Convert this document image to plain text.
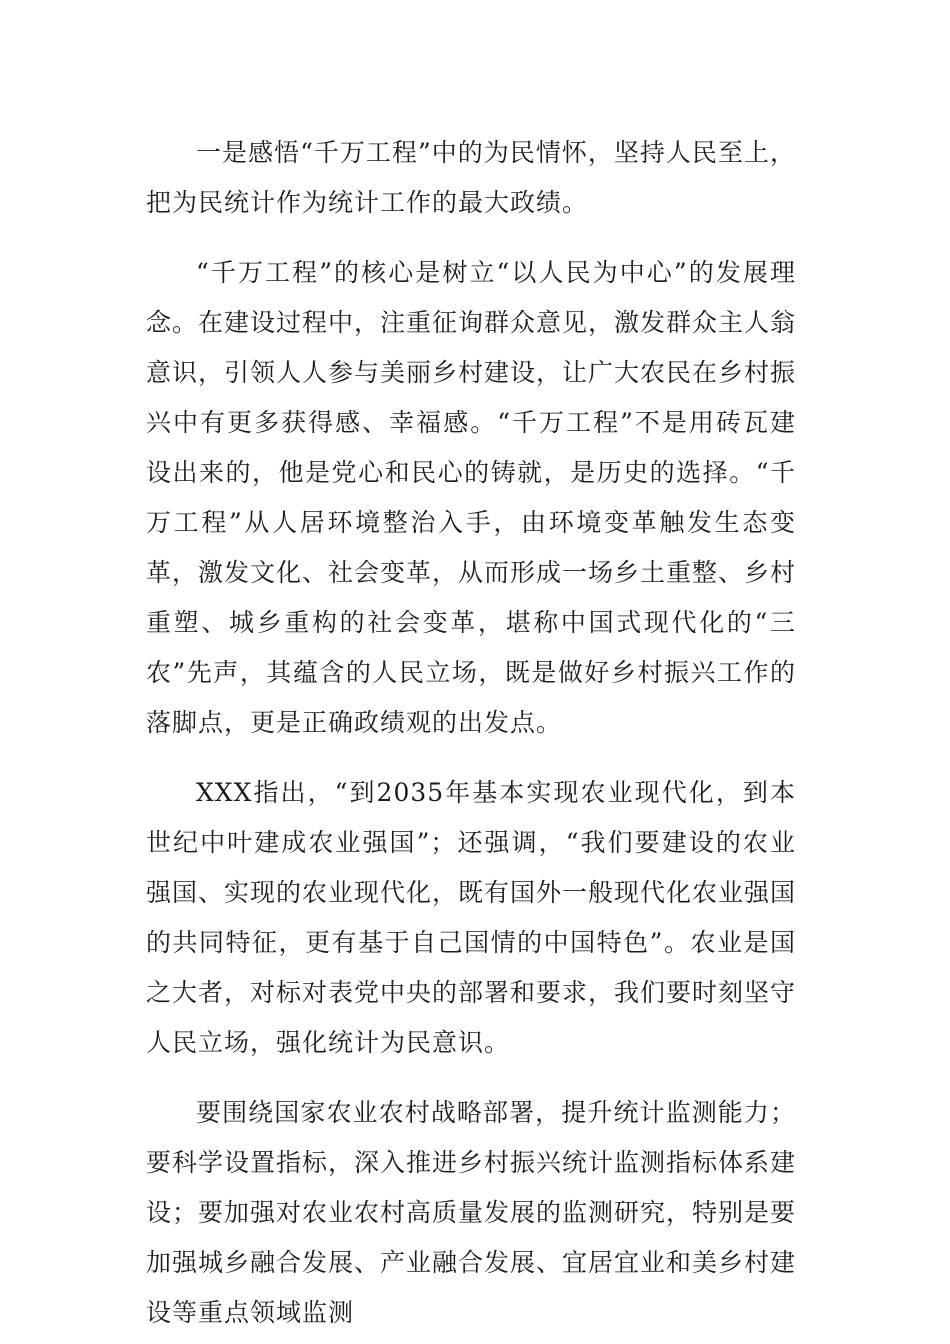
一是感悟“千万工程”中的为民情怀，坚持人民至上，把为民统计作为统计工作的最大政绩。

“千万工程”的核心是树立“以人民为中心”的发展理念。在建设过程中，注重征询群众意见，激发群众主人翁意识，引领人人参与美丽乡村建设，让广大农民在乡村振兴中有更多获得感、幸福感。“千万工程”不是用砖瓦建设出来的，他是党心和民心的铸就，是历史的选择。“千万工程”从人居环境整治入手，由环境变革触发生态变革，激发文化、社会变革，从而形成一场乡土重整、乡村重塑、城乡重构的社会变革，堪称中国式现代化的“三农”先声，其蕴含的人民立场，既是做好乡村振兴工作的落脚点，更是正确政绩观的出发点。

XXX指出，“到2035年基本实现农业现代化，到本世纪中叶建成农业强国”；还强调，“我们要建设的农业强国、实现的农业现代化，既有国外一般现代化农业强国的共同特征，更有基于自己国情的中国特色”。农业是国之大者，对标对表党中央的部署和要求，我们要时刻坚守人民立场，强化统计为民意识。

要围绕国家农业农村战略部署，提升统计监测能力；要科学设置指标，深入推进乡村振兴统计监测指标体系建设；要加强对农业农村高质量发展的监测研究，特别是要加强城乡融合发展、产业融合发展、宜居宜业和美乡村建设等重点领域监测
